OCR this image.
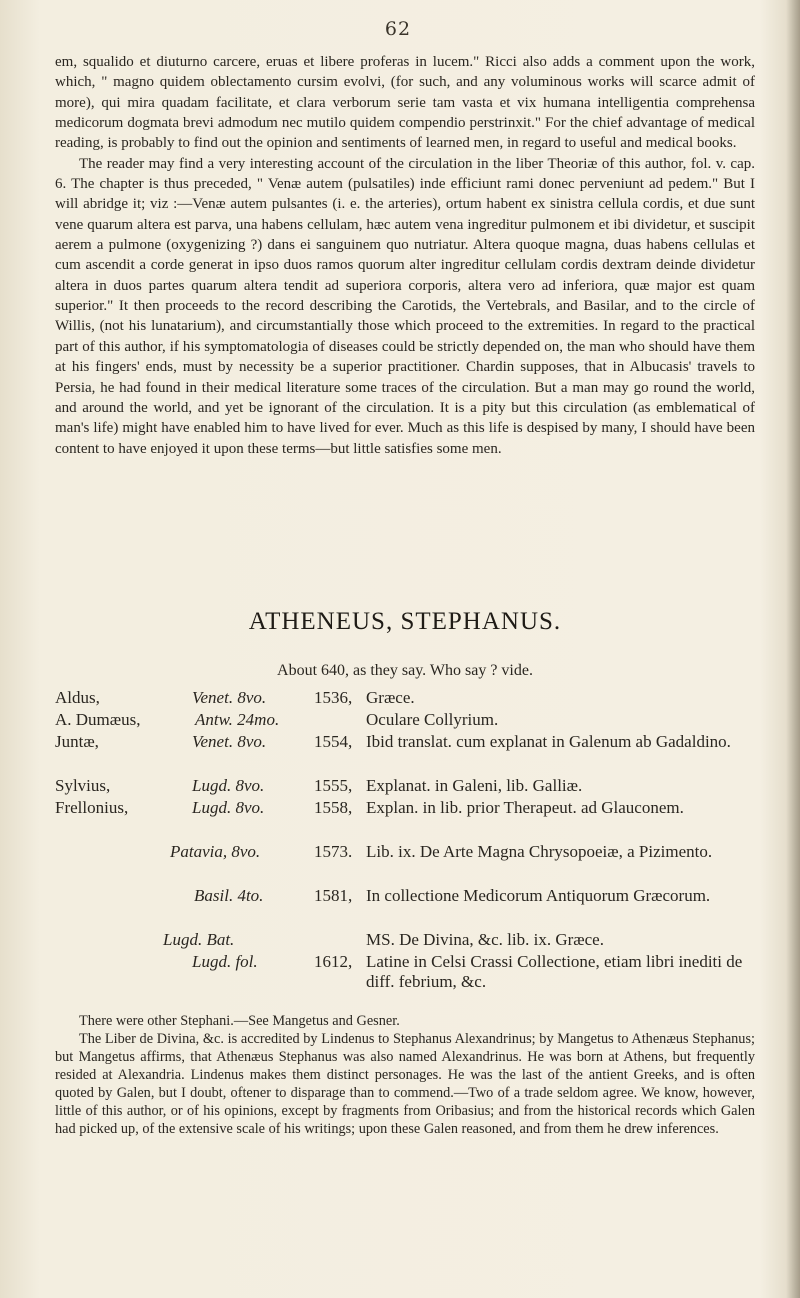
62

em, squalido et diuturno carcere, eruas et libere proferas in lucem." Ricci also adds a comment upon the work, which, " magno quidem oblectamento cursim evolvi, (for such, and any voluminous works will scarce admit of more), qui mira quadam facilitate, et clara verborum serie tam vasta et vix humana intelligentia comprehensa medicorum dogmata brevi admodum nec mutilo quidem compendio perstrinxit." For the chief advantage of medical reading, is probably to find out the opinion and sentiments of learned men, in regard to useful and medical books.

The reader may find a very interesting account of the circulation in the liber Theoriæ of this author, fol. v. cap. 6. The chapter is thus preceded, " Venæ autem (pulsatiles) inde efficiunt rami donec perveniunt ad pedem." But I will abridge it; viz :—Venæ autem pulsantes (i. e. the arteries), ortum habent ex sinistra cellula cordis, et due sunt vene quarum altera est parva, una habens cellulam, hæc autem vena ingreditur pulmonem et ibi dividetur, et suscipit aerem a pulmone (oxygenizing ?) dans ei sanguinem quo nutriatur. Altera quoque magna, duas habens cellulas et cum ascendit a corde generat in ipso duos ramos quorum alter ingreditur cellulam cordis dextram deinde dividetur altera in duos partes quarum altera tendit ad superiora corporis, altera vero ad inferiora, quæ major est quam superior." It then proceeds to the record describing the Carotids, the Vertebrals, and Basilar, and to the circle of Willis, (not his lunatarium), and circumstantially those which proceed to the extremities. In regard to the practical part of this author, if his symptomatologia of diseases could be strictly depended on, the man who should have them at his fingers' ends, must by necessity be a superior practitioner. Chardin supposes, that in Albucasis' travels to Persia, he had found in their medical literature some traces of the circulation. But a man may go round the world, and around the world, and yet be ignorant of the circulation. It is a pity but this circulation (as emblematical of man's life) might have enabled him to have lived for ever. Much as this life is despised by many, I should have been content to have enjoyed it upon these terms—but little satisfies some men.

ATHENEUS, STEPHANUS.
About 640, as they say. Who say ? vide.
Aldus,	Venet. 8vo.	1536, Græce.
A. Dumæus,	Antw. 24mo.	Oculare Collyrium.
Juntæ,	Venet. 8vo.	1554, Ibid translat. cum explanat in Galenum ab Gadaldino.
Sylvius,	Lugd. 8vo.	1555, Explanat. in Galeni, lib. Galliæ.
Frellonius,	Lugd. 8vo.	1558, Explan. in lib. prior Therapeut. ad Glauconem.
Patavia, 8vo.	1573. Lib. ix. De Arte Magna Chrysopoeiæ, a Pizimento.
Basil. 4to.	1581, In collectione Medicorum Antiquorum Græcorum.
Lugd. Bat.	MS. De Divina, &c. lib. ix. Græce.
Lugd. fol.	1612, Latine in Celsi Crassi Collectione, etiam libri inediti de diff. febrium, &c.

There were other Stephani.—See Mangetus and Gesner.

The Liber de Divina, &c. is accredited by Lindenus to Stephanus Alexandrinus; by Mangetus to Athenæus Stephanus; but Mangetus affirms, that Athenæus Stephanus was also named Alexandrinus. He was born at Athens, but frequently resided at Alexandria. Lindenus makes them distinct personages. He was the last of the antient Greeks, and is often quoted by Galen, but I doubt, oftener to disparage than to commend.—Two of a trade seldom agree. We know, however, little of this author, or of his opinions, except by fragments from Oribasius; and from the historical records which Galen had picked up, of the extensive scale of his writings; upon these Galen reasoned, and from them he drew inferences.
